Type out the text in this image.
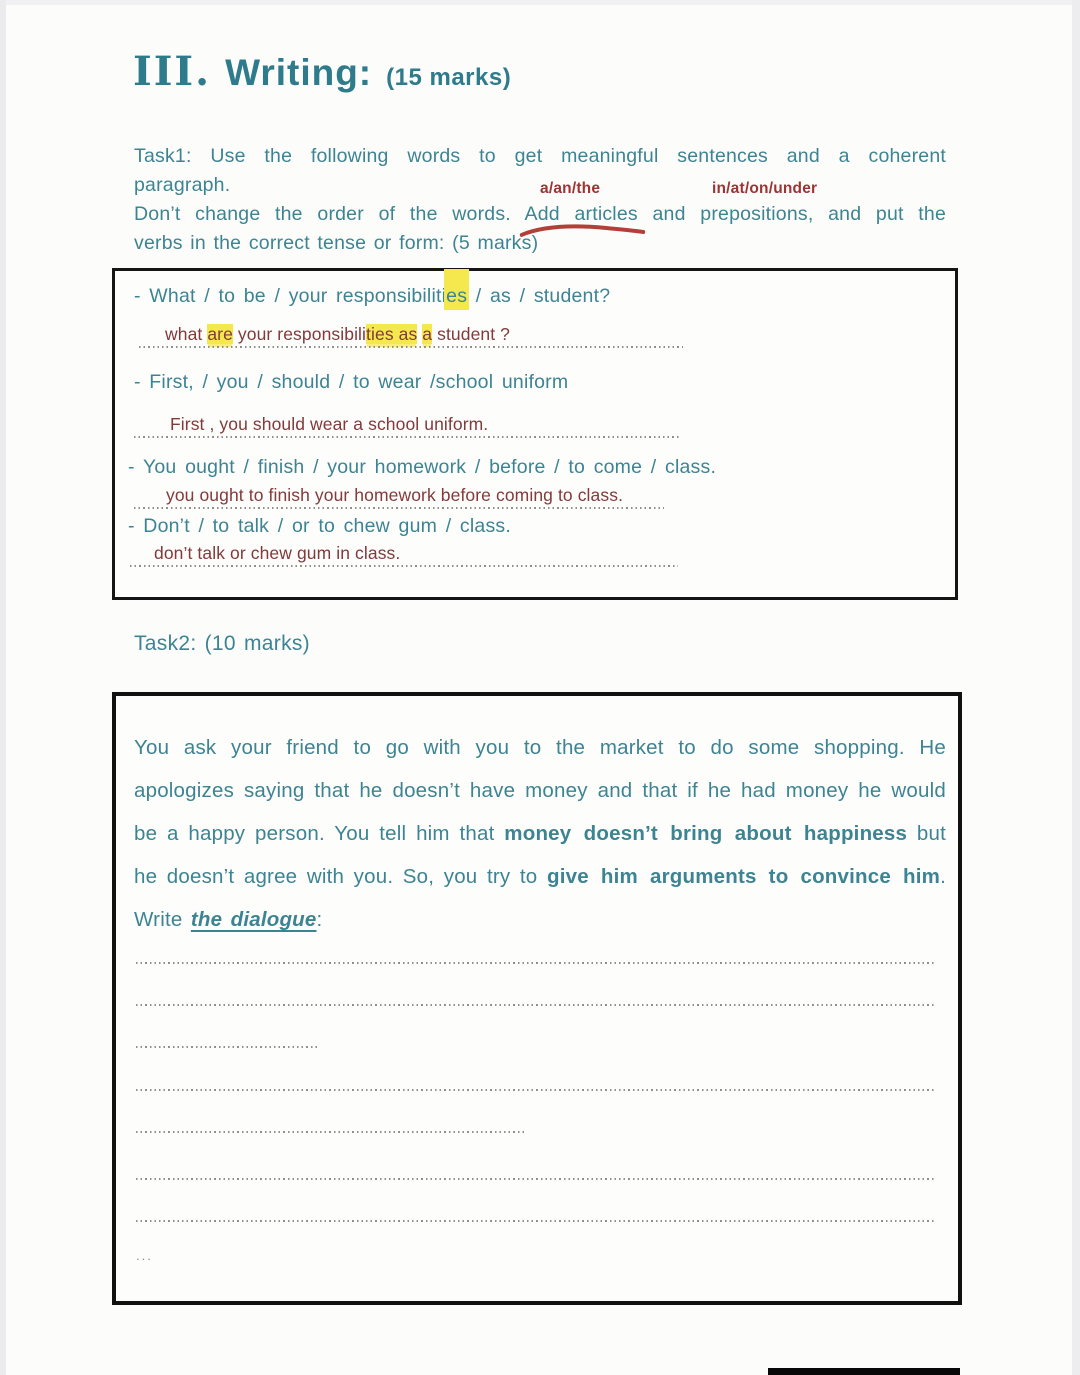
III. Writing: (15 marks)
Task1: Use the following words to get meaningful sentences and a coherent
paragraph.	a/an/the	in/at/on/under
Don’t change the order of the words. Add articles
and prepositions, and put the
verbs in the correct tense or form: (5 marks)
- What / to be / your responsibilities / as / student?
what are your responsibilities as a student ?
- First, / you / should / to wear /school uniform
First , you should wear a school uniform.
- You ought / finish / your homework / before / to come / class.
you ought to finish your homework before coming to class.
- Don’t / to talk / or to chew gum / class.
don’t talk or chew gum in class.
Task2: (10 marks)
You ask your friend to go with you to the market to do some shopping. He apologizes saying that he doesn’t have money and that if he had money he would be a happy person. You tell him that money doesn’t bring about happiness but he doesn’t agree with you. So, you try to give him arguments to convince him. Write the dialogue:
...
